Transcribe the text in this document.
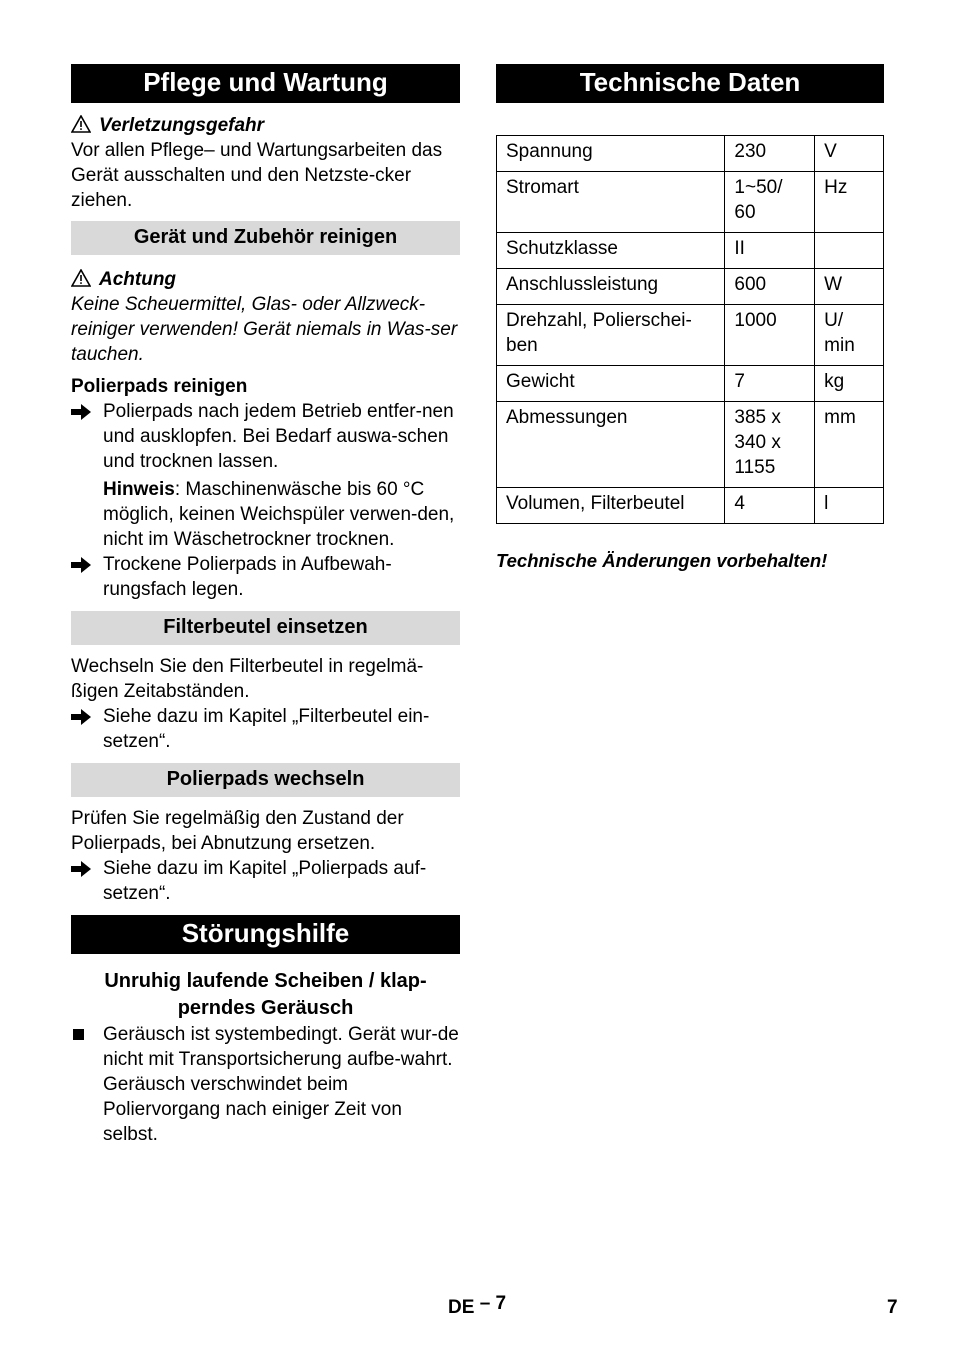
Pflege und Wartung
Verletzungsgefahr

Vor allen Pflege– und Wartungsarbeiten das Gerät ausschalten und den Netzste-cker ziehen.

Gerät und Zubehör reinigen
Achtung

Keine Scheuermittel, Glas- oder Allzweck-reiniger verwenden! Gerät niemals in Was-ser tauchen.

Polierpads reinigen

Polierpads nach jedem Betrieb entfer-nen und ausklopfen. Bei Bedarf auswa-schen und trocknen lassen.
Hinweis: Maschinenwäsche bis 60 °C möglich, keinen Weichspüler verwen-den, nicht im Wäschetrockner trocknen.
Trockene Polierpads in Aufbewah-rungsfach legen.
Filterbeutel einsetzen

Wechseln Sie den Filterbeutel in regelmä-ßigen Zeitabständen.

Siehe dazu im Kapitel „Filterbeutel ein-setzen“.
Polierpads wechseln

Prüfen Sie regelmäßig den Zustand der Polierpads, bei Abnutzung ersetzen.

Siehe dazu im Kapitel „Polierpads auf-setzen“.
Störungshilfe
Unruhig laufende Scheiben / klap-perndes Geräusch
Geräusch ist systembedingt. Gerät wur-de nicht mit Transportsicherung aufbe-wahrt. Geräusch verschwindet beim Poliervorgang nach einiger Zeit von selbst.
Technische Daten
Spannung	230	V
Stromart	1~50/ 60	Hz
Schutzklasse	II	
Anschlussleistung	600	W
Drehzahl, Polierschei-ben	1000	U/ min
Gewicht	7	kg
Abmessungen	385 x 340 x 1155	mm
Volumen, Filterbeutel	4	l

Technische Änderungen vorbehalten!

DE – 7	7
